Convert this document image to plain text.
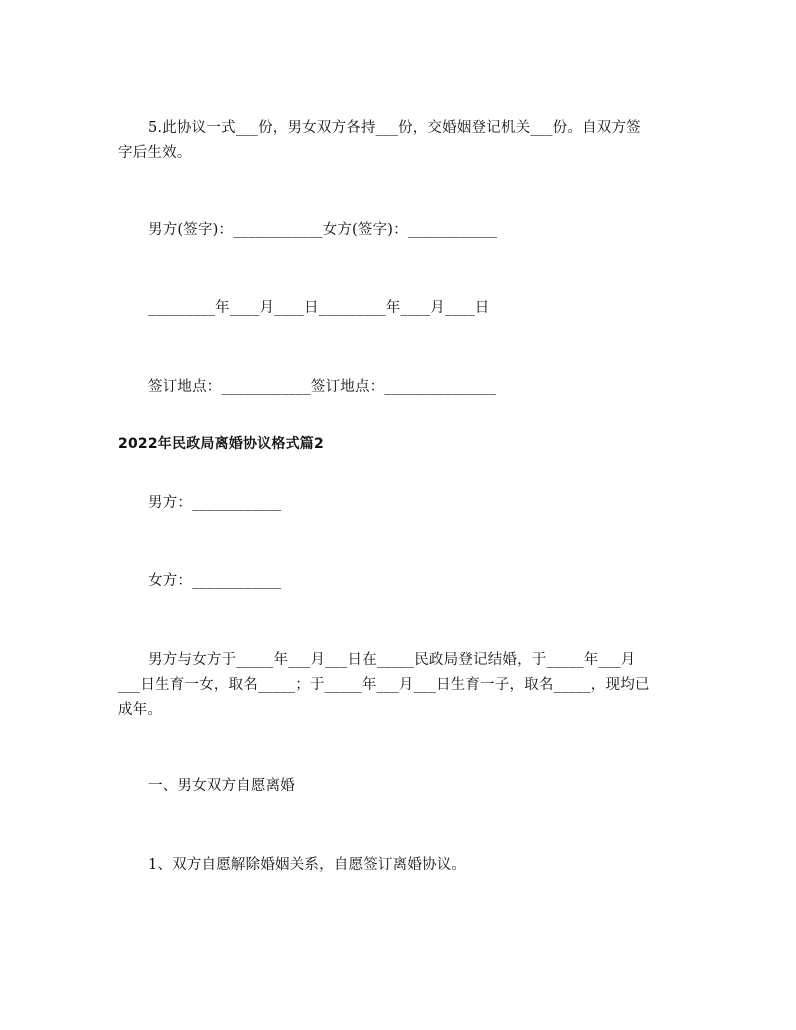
5.此协议一式___份，男女双方各持___份，交婚姻登记机关___份。自双方签
字后生效。
男方(签字)：____________女方(签字)：____________
_________年____月____日_________年____月____日
签订地点：____________签订地点：_______________
2022年民政局离婚协议格式篇2
男方：____________
女方：____________
男方与女方于_____年___月___日在_____民政局登记结婚，于_____年___月
___日生育一女，取名_____；于_____年___月___日生育一子，取名_____，现均已
成年。
一、男女双方自愿离婚
1、双方自愿解除婚姻关系，自愿签订离婚协议。
